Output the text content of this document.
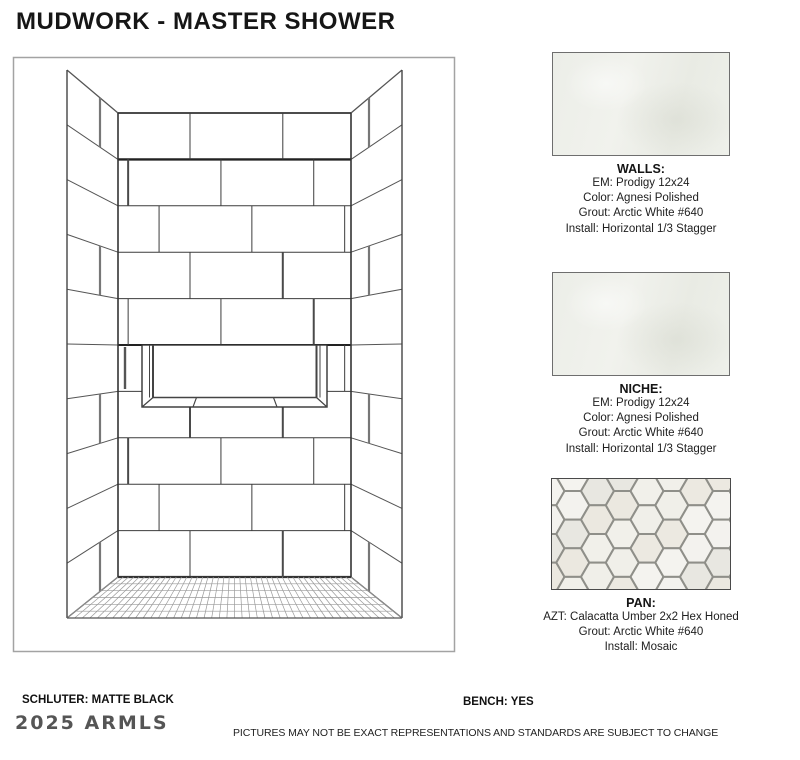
MUDWORK - MASTER SHOWER
WALLS:
EM: Prodigy 12x24
Color: Agnesi Polished
Grout: Arctic White #640
Install: Horizontal 1/3 Stagger
NICHE:
EM: Prodigy 12x24
Color: Agnesi Polished
Grout: Arctic White #640
Install: Horizontal 1/3 Stagger
PAN:
AZT: Calacatta Umber 2x2 Hex Honed
Grout: Arctic White #640
Install: Mosaic
SCHLUTER: MATTE BLACK	BENCH: YES
2025 ARMLS	PICTURES MAY NOT BE EXACT REPRESENTATIONS AND STANDARDS ARE SUBJECT TO CHANGE
